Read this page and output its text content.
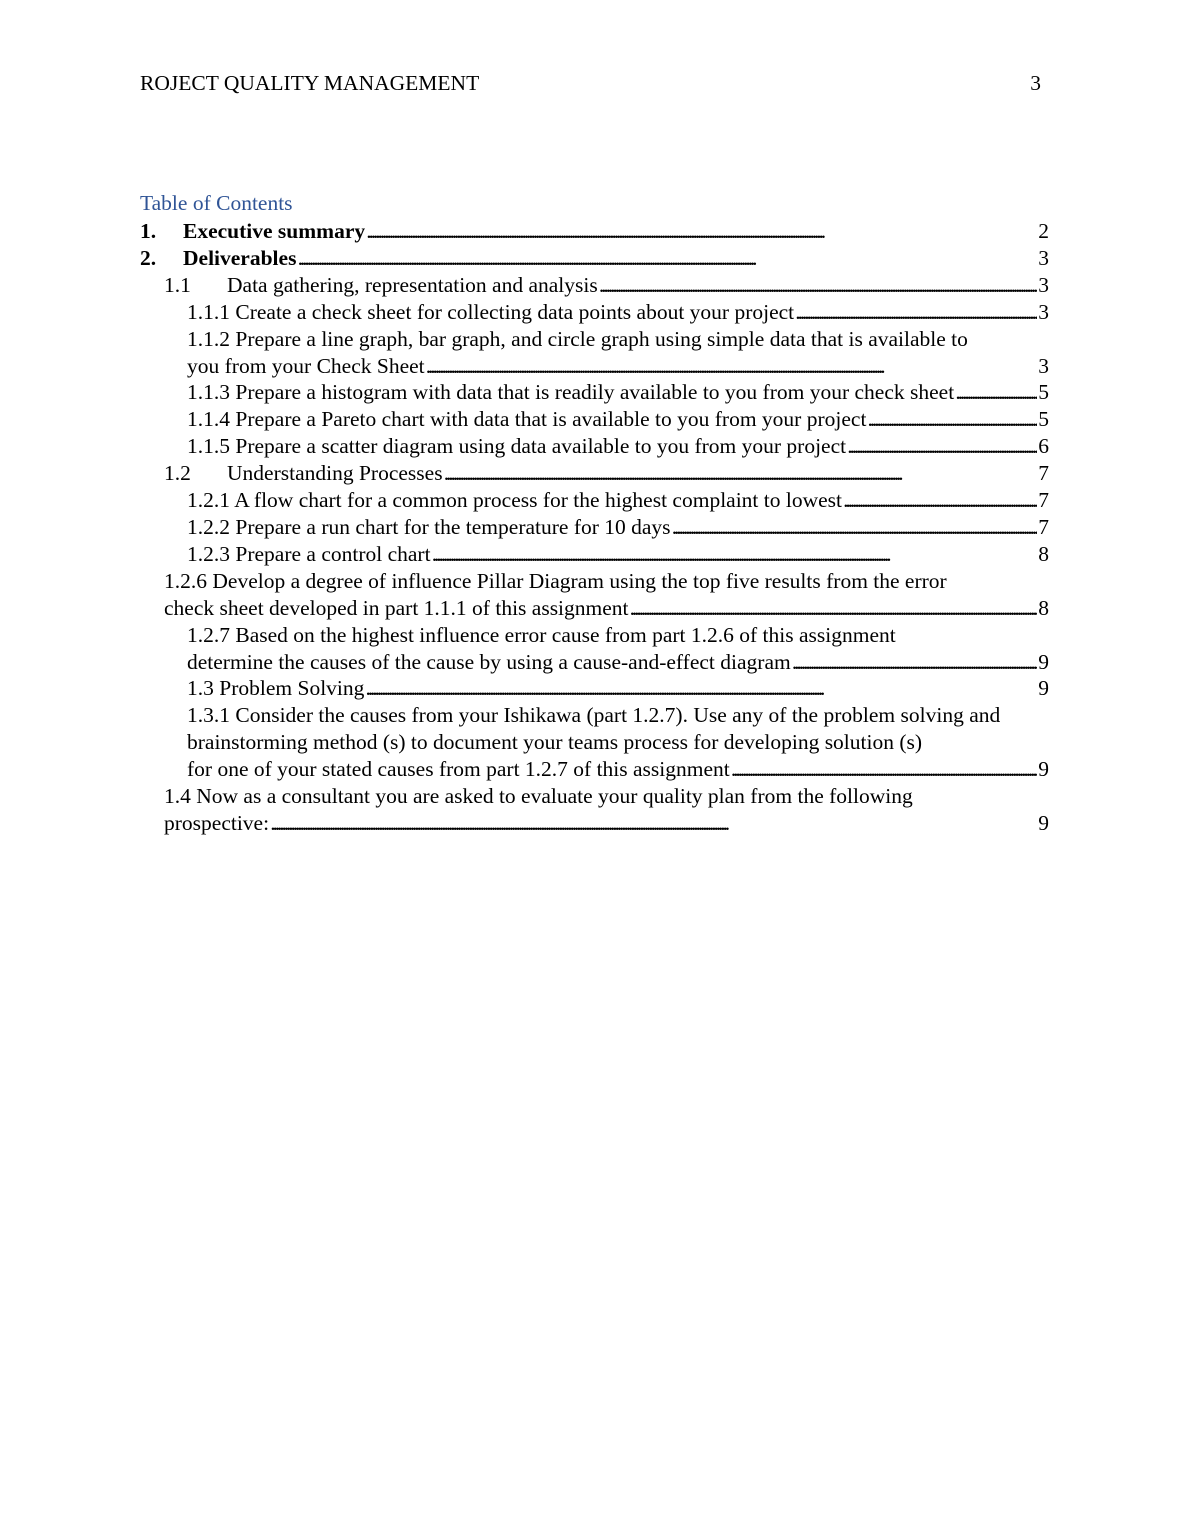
ROJECT QUALITY MANAGEMENT	3
Table of Contents
1. Executive summary . . .	2
2. Deliverables . . .	3
1.1 Data gathering, representation and analysis . . .	3
1.1.1 Create a check sheet for collecting data points about your project . . .	3
1.1.2 Prepare a line graph, bar graph, and circle graph using simple data that is available to
you from your Check Sheet . . .	3
1.1.3 Prepare a histogram with data that is readily available to you from your check sheet . . .	5
1.1.4 Prepare a Pareto chart with data that is available to you from your project . . .	5
1.1.5 Prepare a scatter diagram using data available to you from your project . . .	6
1.2 Understanding Processes . . .	7
1.2.1 A flow chart for a common process for the highest complaint to lowest . . .	7
1.2.2 Prepare a run chart for the temperature for 10 days . . .	7
1.2.3 Prepare a control chart . . .	8
1.2.6 Develop a degree of influence Pillar Diagram using the top five results from the error
check sheet developed in part 1.1.1 of this assignment . . .	8
1.2.7 Based on the highest influence error cause from part 1.2.6 of this assignment
determine the causes of the cause by using a cause-and-effect diagram . . .	9
1.3 Problem Solving . . .	9
1.3.1 Consider the causes from your Ishikawa (part 1.2.7). Use any of the problem solving and brainstorming method (s) to document your teams process for developing solution (s)
for one of your stated causes from part 1.2.7 of this assignment . . .	9
1.4 Now as a consultant you are asked to evaluate your quality plan from the following
prospective: . . .	9
